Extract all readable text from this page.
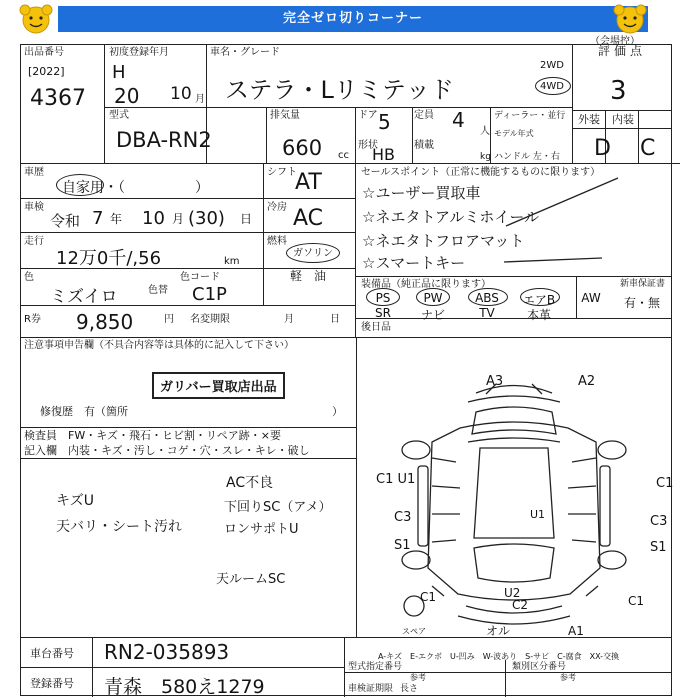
完全ゼロ切りコーナー
（会場控）
出品番号
[2022]
4367
初度登録年月
H
20 10 月
車名・グレード
ステラ・Lリミテッド
2WD
4WD
評価点
3
外装 内装
D C
型式
DBA-RN2
排気量
660 cc
ドア 5 定員 4 人
形状
HB 積載
kg
ディーラー・並行
モデル年式
ハンドル 左・右
車歴
自家用・（　　　　　）
シフト
AT
車検
令和 7 年 10 月 (30) 日
冷房 AC
走行
12万0千/,56	km
燃料
ガソリン
軽　油
色
ミズイロ	色替
色コード
C1P
R券 9,850	円 名変期限	月	日
セールスポイント（正常に機能するものに限ります）
☆ユーザー買取車
☆ネエタトアルミホイール
☆ネエタトフロアマット
☆スマートキー
装備品（純正品に限ります）
PS	PW	ABS	エアB	AW
SR	ナビ	TV	本革
新車保証書
有・無
後日品
注意事項申告欄（不具合内容等は具体的に記入して下さい）
ガリバー買取店出品
修復歴　有（箇所	）
検査員
記入欄
FW・キズ・飛石・ヒビ割・リペア跡・×要
内装・キズ・汚し・コゲ・穴・スレ・キレ・破し
キズU
天バリ・シート汚れ
AC不良
下回りSC（アメ）
ロンサポトU
天ルームSC
A3	A2
C1 U1	C1
C3	C3
S1	S1
U1
U2
C2
C1	C1
オル	A1
スペア
A-キズ　E-エクボ　U-凹み　W-波あり　S-サビ　C-腐食　XX-交換
車台番号 RN2-035893
登録番号 青森　580え1279
型式指定番号	類別区分番号
車検証期限 長さ
参考	参考
